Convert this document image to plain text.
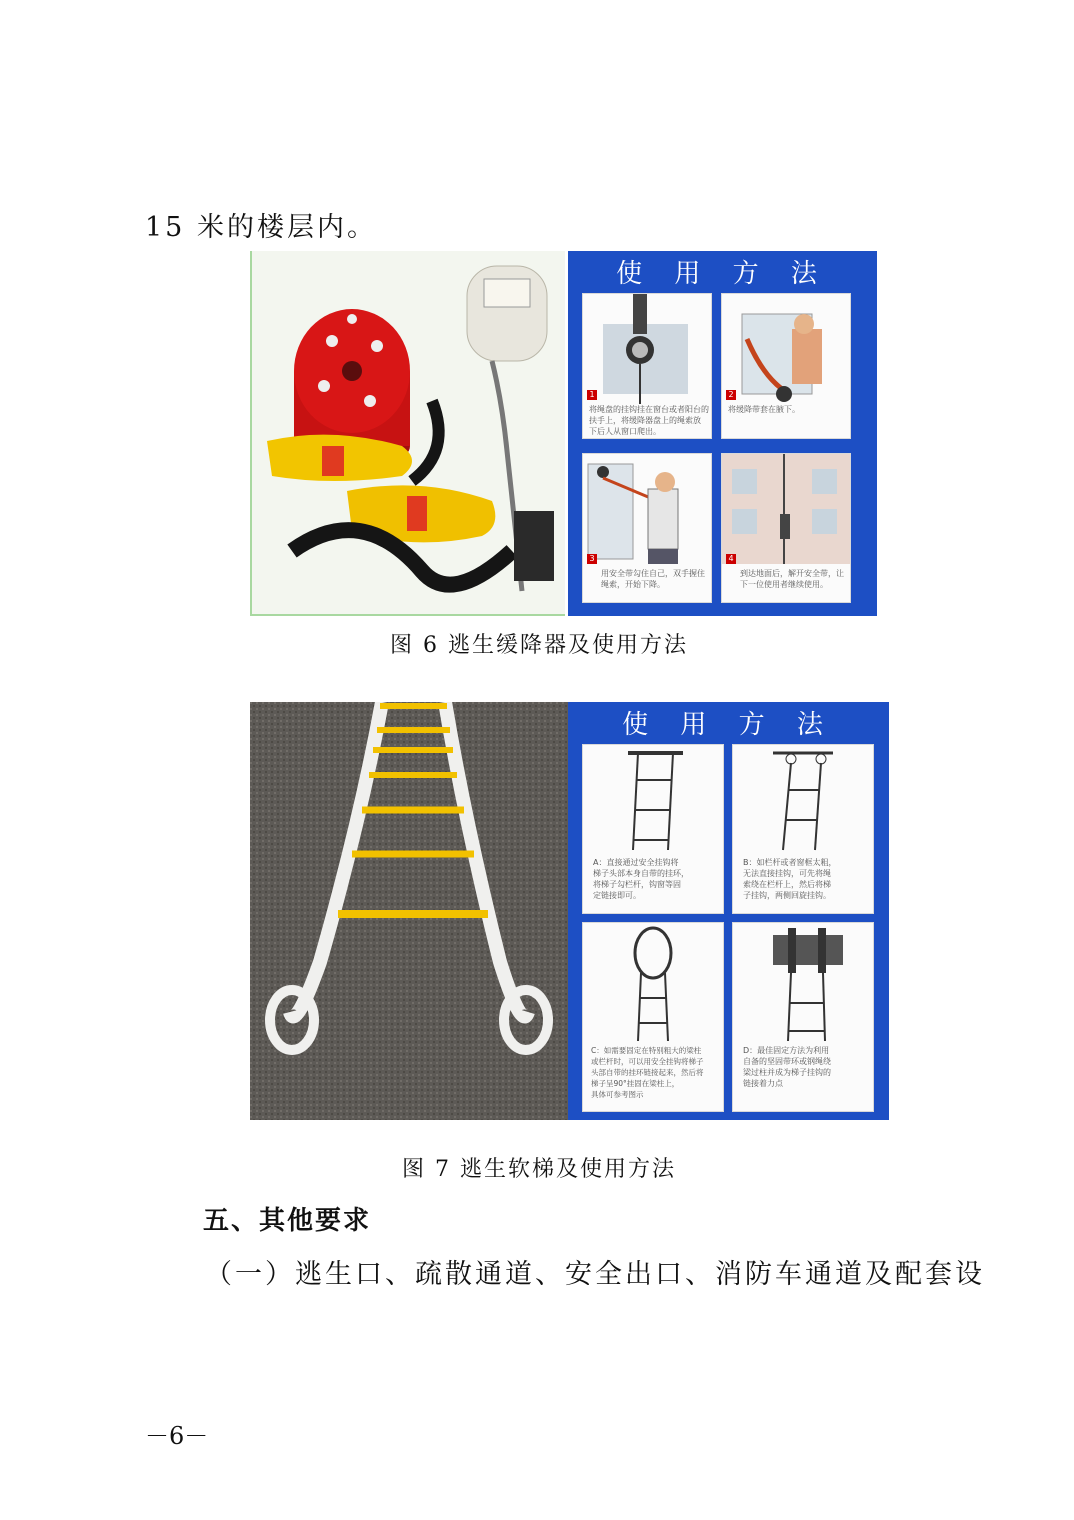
15 米的楼层内。
使 用 方 法
1
将绳盘的挂钩挂在窗台或者阳台的
扶手上，将缓降器盘上的绳索放
下后人从窗口爬出。
2
将缓降带套在腋下。
3
用安全带勾住自己，双手握住
绳索，开始下降。
4
到达地面后，解开安全带，让
下一位使用者继续使用。
图 6 逃生缓降器及使用方法
使 用 方 法
A：直接通过安全挂钩将
梯子头部本身自带的挂环，
将梯子勾栏杆，钩窗等固
定链接即可。
B：如栏杆或者窗框太粗，
无法直接挂钩，可先将绳
索绕在栏杆上，然后将梯
子挂钩，两侧回旋挂钩。
C：如需要固定在特别粗大的梁柱
或栏杆时，可以用安全挂钩将梯子
头部自带的挂环链接起来，然后将
梯子呈90°挂固在梁柱上，
具体可参考图示
D：最佳固定方法为利用
自备的坚固带环或钢绳绕
梁过柱并成为梯子挂钩的
链接着力点
图 7 逃生软梯及使用方法
五、其他要求
（一）逃生口、疏散通道、安全出口、消防车通道及配套设
－6－
